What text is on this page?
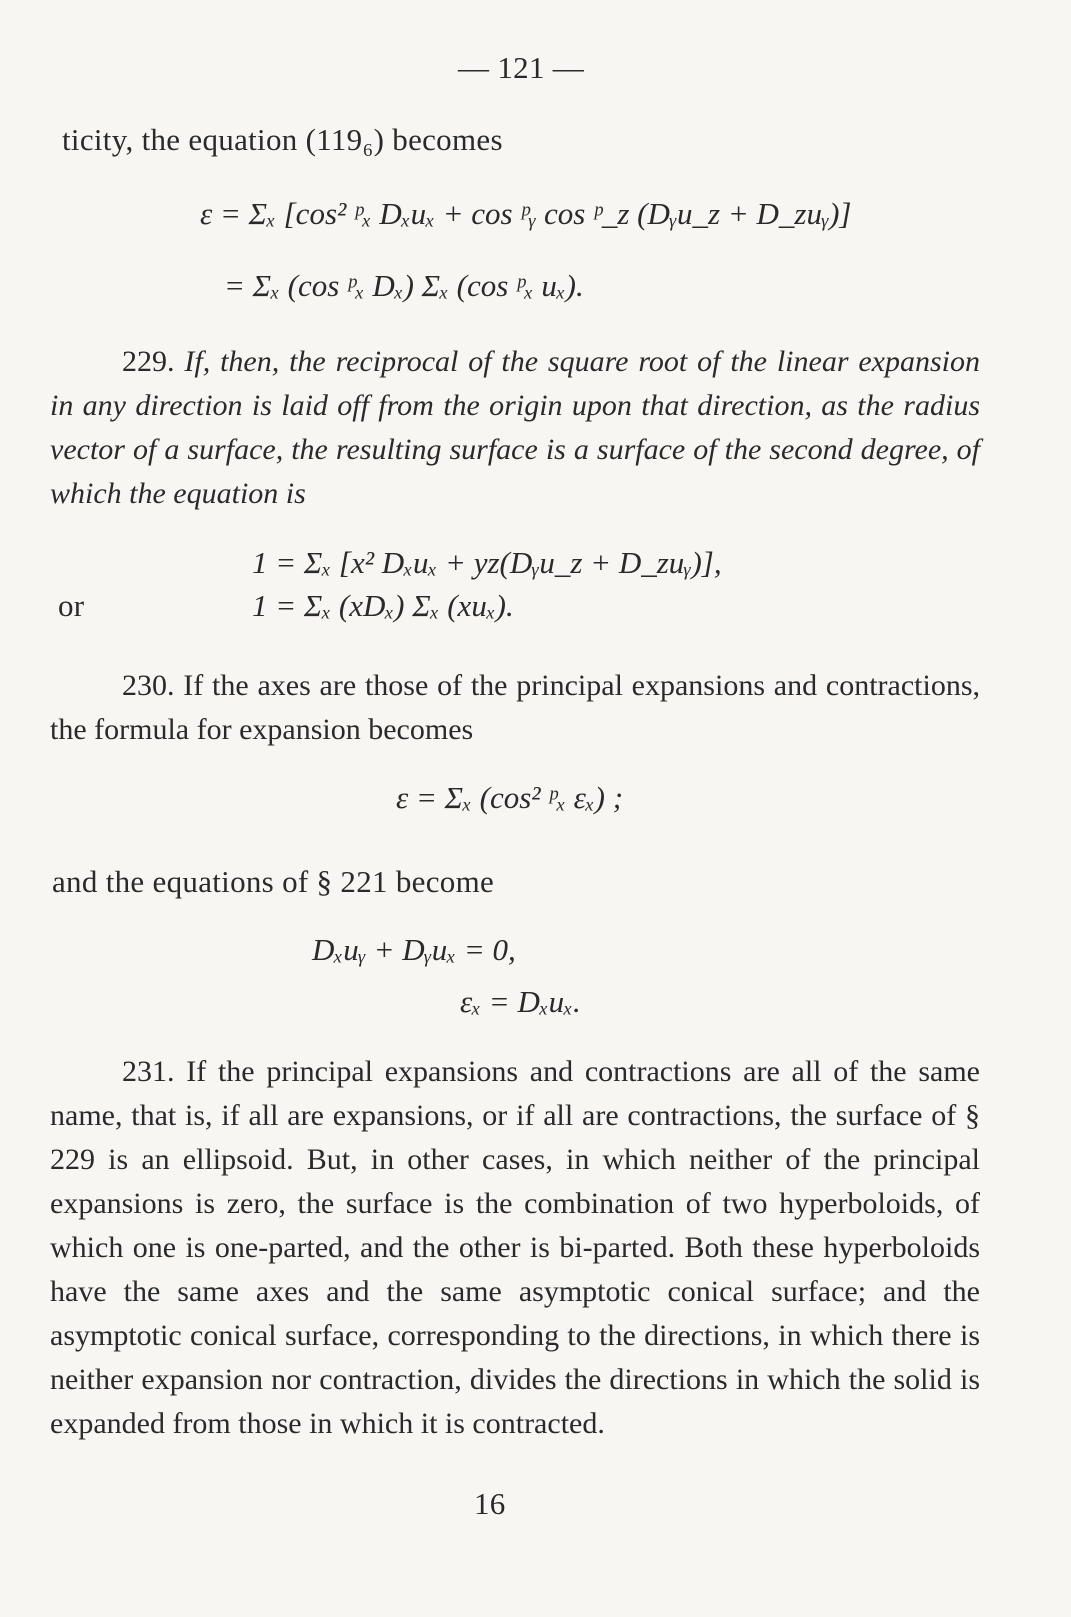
— 121 —
ticity, the equation (119₆) becomes
ε = Σₓ [cos² ᵖₓ Dₓuₓ + cos ᵖᵧ cos ᵖ_z (Dᵧu_z + D_zuᵧ)]
= Σₓ (cos ᵖₓ Dₓ) Σₓ (cos ᵖₓ uₓ).
229. If, then, the reciprocal of the square root of the linear expansion in any direction is laid off from the origin upon that direction, as the radius vector of a surface, the resulting surface is a surface of the second degree, of which the equation is
1 = Σₓ [x² Dₓuₓ + yz(Dᵧu_z + D_zuᵧ)],
or	1 = Σₓ (xDₓ) Σₓ (xuₓ).
230. If the axes are those of the principal expansions and contractions, the formula for expansion becomes
ε = Σₓ (cos² ᵖₓ εₓ) ;
and the equations of § 221 become
Dₓuᵧ + Dᵧuₓ = 0,
εₓ = Dₓuₓ.
231. If the principal expansions and contractions are all of the same name, that is, if all are expansions, or if all are contractions, the surface of § 229 is an ellipsoid. But, in other cases, in which neither of the principal expansions is zero, the surface is the combination of two hyperboloids, of which one is one-parted, and the other is bi-parted. Both these hyperboloids have the same axes and the same asymptotic conical surface; and the asymptotic conical surface, corresponding to the directions, in which there is neither expansion nor contraction, divides the directions in which the solid is expanded from those in which it is contracted.
16
